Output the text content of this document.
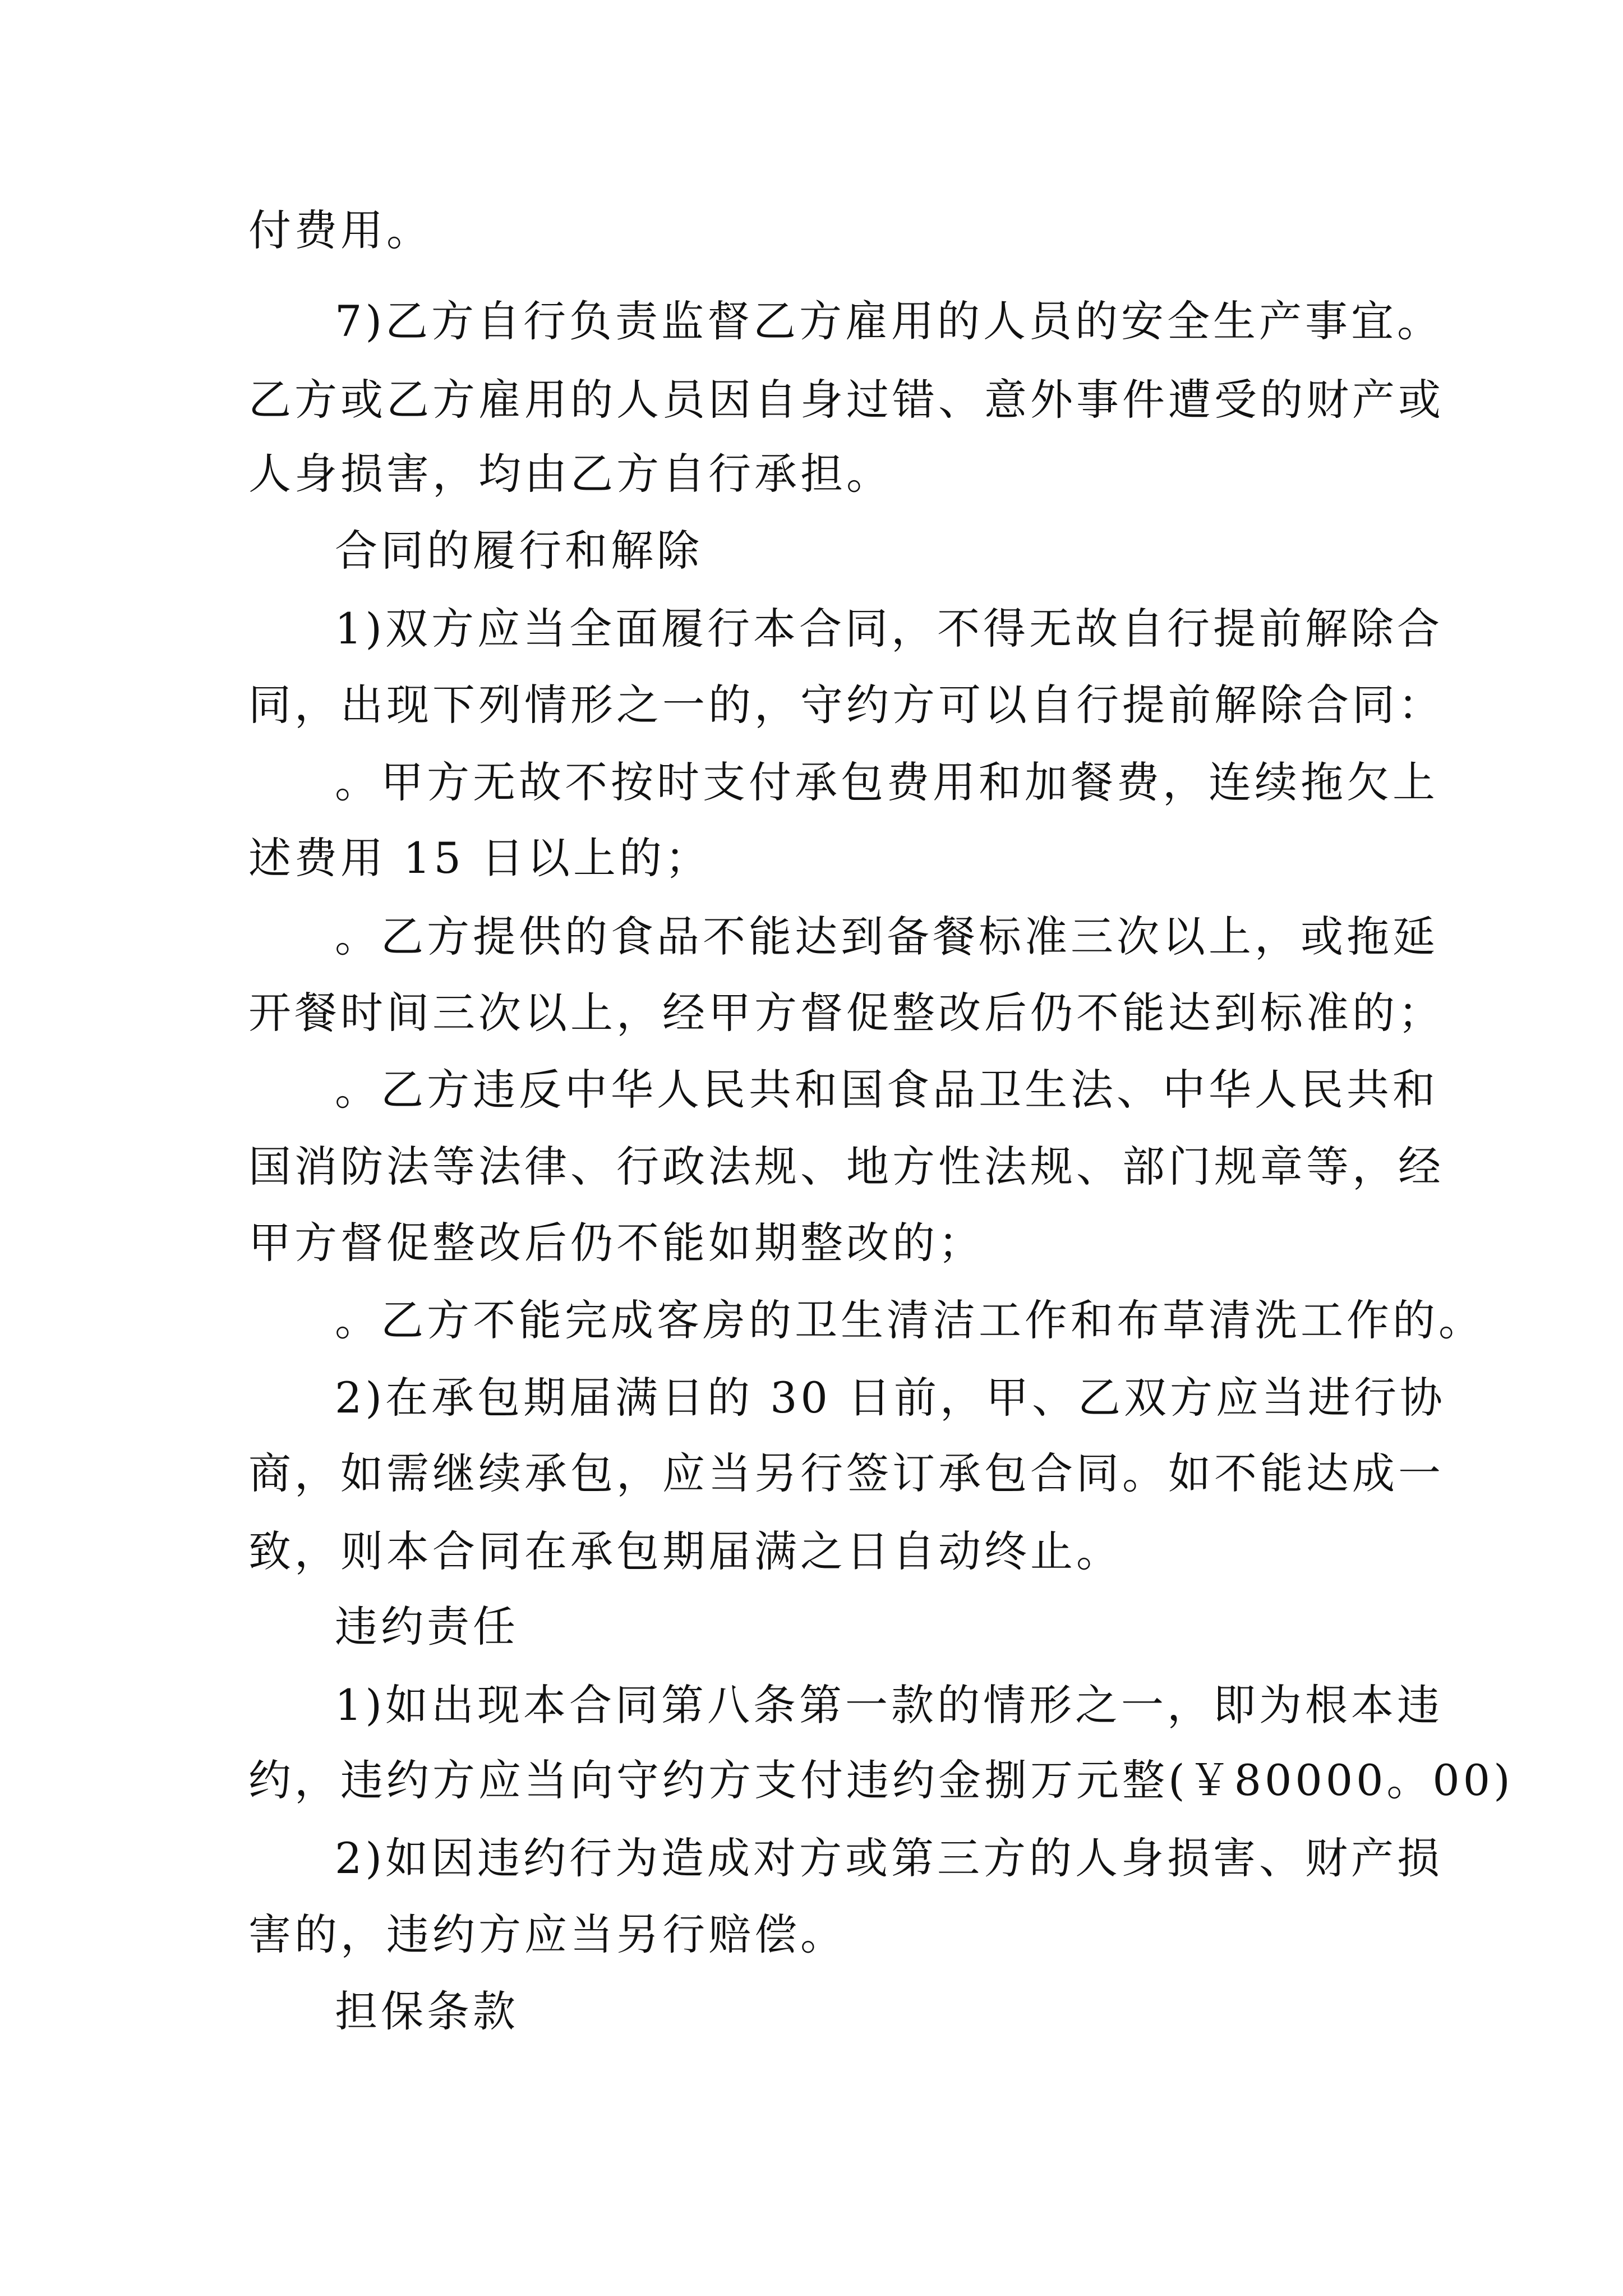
付费用。
7)乙方自行负责监督乙方雇用的人员的安全生产事宜。
乙方或乙方雇用的人员因自身过错、意外事件遭受的财产或
人身损害，均由乙方自行承担。
合同的履行和解除
1)双方应当全面履行本合同，不得无故自行提前解除合
同，出现下列情形之一的，守约方可以自行提前解除合同：
。甲方无故不按时支付承包费用和加餐费，连续拖欠上
述费用 15 日以上的；
。乙方提供的食品不能达到备餐标准三次以上，或拖延
开餐时间三次以上，经甲方督促整改后仍不能达到标准的；
。乙方违反中华人民共和国食品卫生法、中华人民共和
国消防法等法律、行政法规、地方性法规、部门规章等，经
甲方督促整改后仍不能如期整改的；
。乙方不能完成客房的卫生清洁工作和布草清洗工作的。
2)在承包期届满日的 30 日前，甲、乙双方应当进行协
商，如需继续承包，应当另行签订承包合同。如不能达成一
致，则本合同在承包期届满之日自动终止。
违约责任
1)如出现本合同第八条第一款的情形之一，即为根本违
约，违约方应当向守约方支付违约金捌万元整(￥80000。00)
2)如因违约行为造成对方或第三方的人身损害、财产损
害的，违约方应当另行赔偿。
担保条款
